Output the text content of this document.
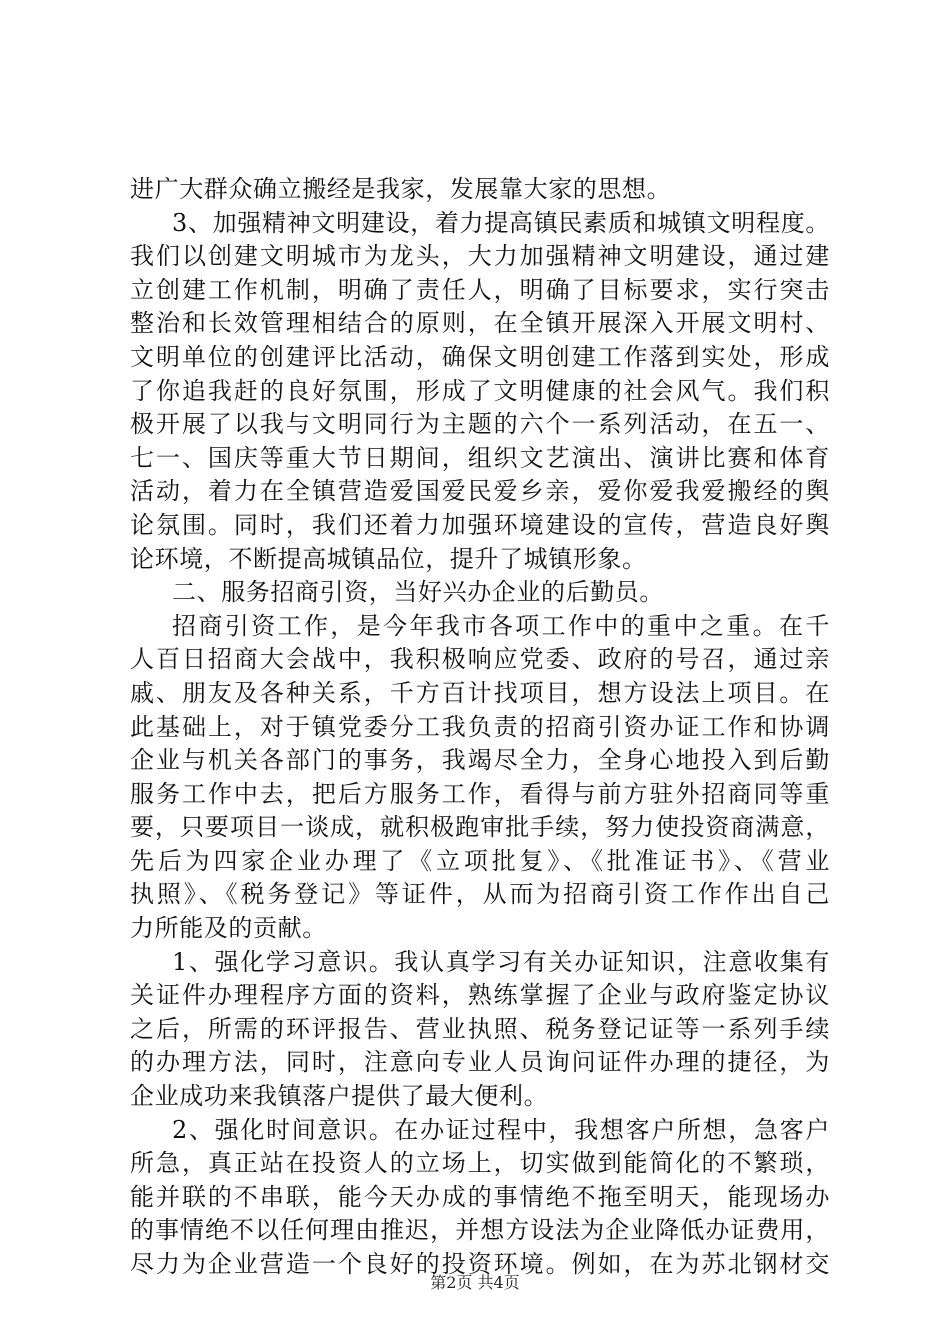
进广大群众确立搬经是我家，发展靠大家的思想。
3、加强精神文明建设，着力提高镇民素质和城镇文明程度。
我们以创建文明城市为龙头，大力加强精神文明建设，通过建
立创建工作机制，明确了责任人，明确了目标要求，实行突击
整治和长效管理相结合的原则，在全镇开展深入开展文明村、
文明单位的创建评比活动，确保文明创建工作落到实处，形成
了你追我赶的良好氛围，形成了文明健康的社会风气。我们积
极开展了以我与文明同行为主题的六个一系列活动，在五一、
七一、国庆等重大节日期间，组织文艺演出、演讲比赛和体育
活动，着力在全镇营造爱国爱民爱乡亲，爱你爱我爱搬经的舆
论氛围。同时，我们还着力加强环境建设的宣传，营造良好舆
论环境，不断提高城镇品位，提升了城镇形象。
二、服务招商引资，当好兴办企业的后勤员。
招商引资工作，是今年我市各项工作中的重中之重。在千
人百日招商大会战中，我积极响应党委、政府的号召，通过亲
戚、朋友及各种关系，千方百计找项目，想方设法上项目。在
此基础上，对于镇党委分工我负责的招商引资办证工作和协调
企业与机关各部门的事务，我竭尽全力，全身心地投入到后勤
服务工作中去，把后方服务工作，看得与前方驻外招商同等重
要，只要项目一谈成，就积极跑审批手续，努力使投资商满意，
先后为四家企业办理了《立项批复》、《批准证书》、《营业
执照》、《税务登记》等证件，从而为招商引资工作作出自己
力所能及的贡献。
1、强化学习意识。我认真学习有关办证知识，注意收集有
关证件办理程序方面的资料，熟练掌握了企业与政府鉴定协议
之后，所需的环评报告、营业执照、税务登记证等一系列手续
的办理方法，同时，注意向专业人员询问证件办理的捷径，为
企业成功来我镇落户提供了最大便利。
2、强化时间意识。在办证过程中，我想客户所想，急客户
所急，真正站在投资人的立场上，切实做到能简化的不繁琐，
能并联的不串联，能今天办成的事情绝不拖至明天，能现场办
的事情绝不以任何理由推迟，并想方设法为企业降低办证费用，
尽力为企业营造一个良好的投资环境。例如，在为苏北钢材交
第2页 共4页
